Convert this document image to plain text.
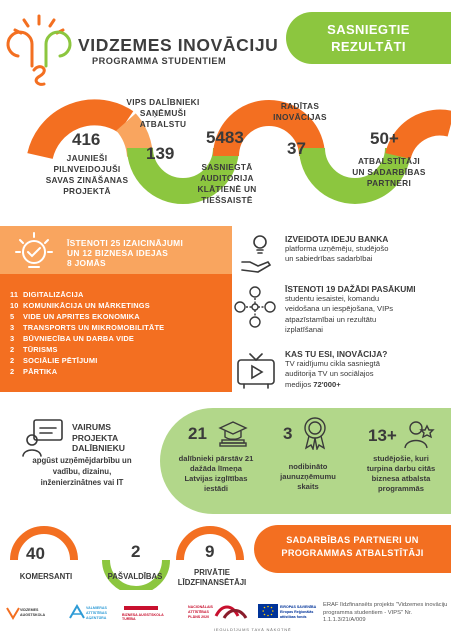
VIDZEMES INOVĀCIJU
PROGRAMMA STUDENTIEM
SASNIEGTIE
REZULTĀTI
416
JAUNIEŠI
PILNVEIDOJUŠI
SAVAS ZINĀŠANAS
PROJEKTĀ
VIPS DALĪBNIEKI
SAŅĒMUŠI
ATBALSTU
139
5483
SASNIEGTĀ
AUDITORIJA
KLĀTIENĒ UN
TIEŠSAISTĒ
RADĪTAS
INOVĀCIJAS
37
50+
ATBALSTĪTĀJI
UN SADARBĪBAS
PARTNERI
ĪSTENOTI 25 IZAICINĀJUMI
UN 12 BIZNESA IDEJAS
8 JOMĀS
11 DIGITALIZĀCIJA
10 KOMUNIKĀCIJA UN MĀRKETINGS
5 VIDE UN APRITES EKONOMIKA
3 TRANSPORTS UN MIKROMOBILITĀTE
3 BŪVNIECĪBA UN DARBA VIDE
2 TŪRISMS
2 SOCIĀLIE PĒTĪJUMI
2 PĀRTIKA
IZVEIDOTA IDEJU BANKA
platforma uzņēmēju, studējošo
un sabiedrības sadarbībai
ĪSTENOTI 19 DAŽĀDI PASĀKUMI
studentu iesaistei, komandu
veidošana un iespējošana, VIPs
atpazīstamībai un rezultātu
izplatīšanai
KAS TU ESI, INOVĀCIJA?
TV raidījumu cikla sasniegtā
auditorija TV un sociālajos
medijos 72'000+
VAIRUMS
PROJEKTA
DALĪBNIEKU
apgūst uzņēmējdarbību un
vadību, dizainu,
inženierzinātnes vai IT
21
dalībnieki pārstāv 21
dažāda līmeņa
Latvijas izglītības
iestādi
3
nodibināto
jaunuzņēmumu
skaits
13+
studējošie, kuri
turpina darbu citās
biznesa atbalsta
programmās
SADARBĪBAS PARTNERI UN
PROGRAMMAS ATBALSTĪTĀJI
40
KOMERSANTI
2
PAŠVALDĪBAS
9
PRIVĀTIE
LĪDZFINANSĒTĀJI
VIDZEMES AUGSTSKOLA
VALMIERAS ATTĪSTĪBAS AĢENTŪRA
BIZNESA AUGSTSKOLA TURĪBA
NACIONĀLAIS ATTĪSTĪBAS PLĀNS 2020
EIROPAS SAVIENĪBA Eiropas Reģionālās attīstības fonds
IEGULDĪJUMS TAVĀ NĀKOTNĒ
ERAF līdzfinansēts projekts "Vidzemes inovāciju programma studentiem - VIPS" Nr. 1.1.1.3/21/A/009
